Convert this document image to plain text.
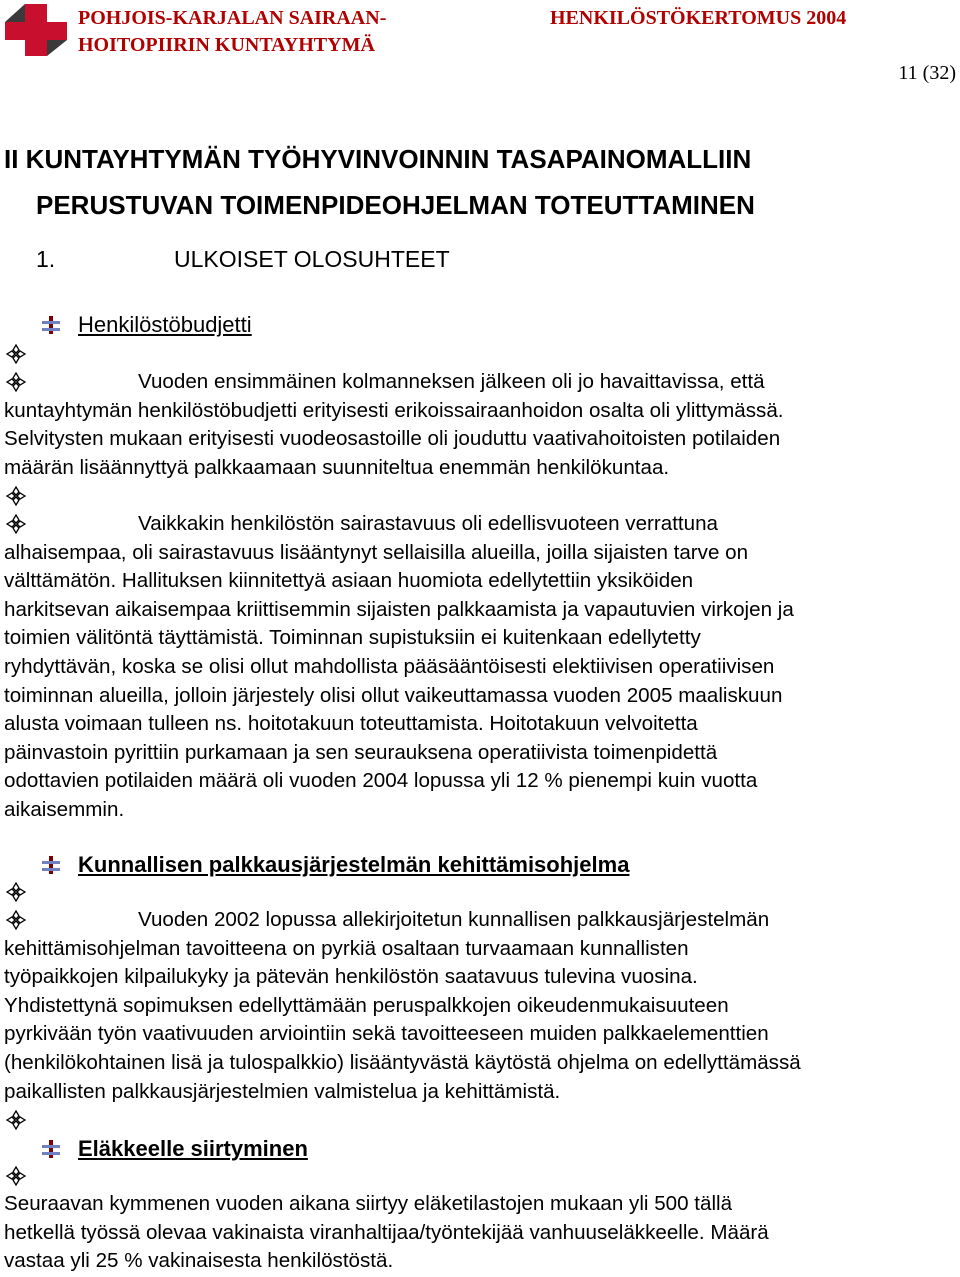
POHJOIS-KARJALAN SAIRAAN-
HOITOPIIRIN KUNTAYHTYMÄ
HENKILÖSTÖKERTOMUS 2004
11 (32)
II KUNTAYHTYMÄN TYÖHYVINVOINNIN TASAPAINOMALLIIN
PERUSTUVAN TOIMENPIDEOHJELMAN TOTEUTTAMINEN
1.	ULKOISET OLOSUHTEET
Henkilöstöbudjetti
Vuoden ensimmäinen kolmanneksen jälkeen oli jo havaittavissa, että
kuntayhtymän henkilöstöbudjetti erityisesti erikoissairaanhoidon osalta oli ylittymässä.
Selvitysten mukaan erityisesti vuodeosastoille oli jouduttu vaativahoitoisten potilaiden
määrän lisäännyttyä palkkaamaan suunniteltua enemmän henkilökuntaa.
Vaikkakin henkilöstön sairastavuus oli edellisvuoteen verrattuna
alhaisempaa, oli sairastavuus lisääntynyt sellaisilla alueilla, joilla sijaisten tarve on
välttämätön. Hallituksen kiinnitettyä asiaan huomiota edellytettiin yksiköiden
harkitsevan aikaisempaa kriittisemmin sijaisten palkkaamista ja vapautuvien virkojen ja
toimien välitöntä täyttämistä. Toiminnan supistuksiin ei kuitenkaan edellytetty
ryhdyttävän, koska se olisi ollut mahdollista pääsääntöisesti elektiivisen operatiivisen
toiminnan alueilla, jolloin järjestely olisi ollut vaikeuttamassa vuoden 2005 maaliskuun
alusta voimaan tulleen ns. hoitotakuun toteuttamista. Hoitotakuun velvoitetta
päinvastoin pyrittiin purkamaan ja sen seurauksena operatiivista toimenpidettä
odottavien potilaiden määrä oli vuoden 2004 lopussa yli 12 % pienempi kuin vuotta
aikaisemmin.
Kunnallisen palkkausjärjestelmän kehittämisohjelma
Vuoden 2002 lopussa allekirjoitetun kunnallisen palkkausjärjestelmän
kehittämisohjelman tavoitteena on pyrkiä osaltaan turvaamaan kunnallisten
työpaikkojen kilpailukyky ja pätevän henkilöstön saatavuus tulevina vuosina.
Yhdistettynä sopimuksen edellyttämään peruspalkkojen oikeudenmukaisuuteen
pyrkivään työn vaativuuden arviointiin sekä tavoitteeseen muiden palkkaelementtien
(henkilökohtainen lisä ja tulospalkkio) lisääntyvästä käytöstä ohjelma on edellyttämässä
paikallisten palkkausjärjestelmien valmistelua ja kehittämistä.
Eläkkeelle siirtyminen
Seuraavan kymmenen vuoden aikana siirtyy eläketilastojen mukaan yli 500 tällä
hetkellä työssä olevaa vakinaista viranhaltijaa/työntekijää vanhuuseläkkeelle. Määrä
vastaa yli 25 % vakinaisesta henkilöstöstä.
